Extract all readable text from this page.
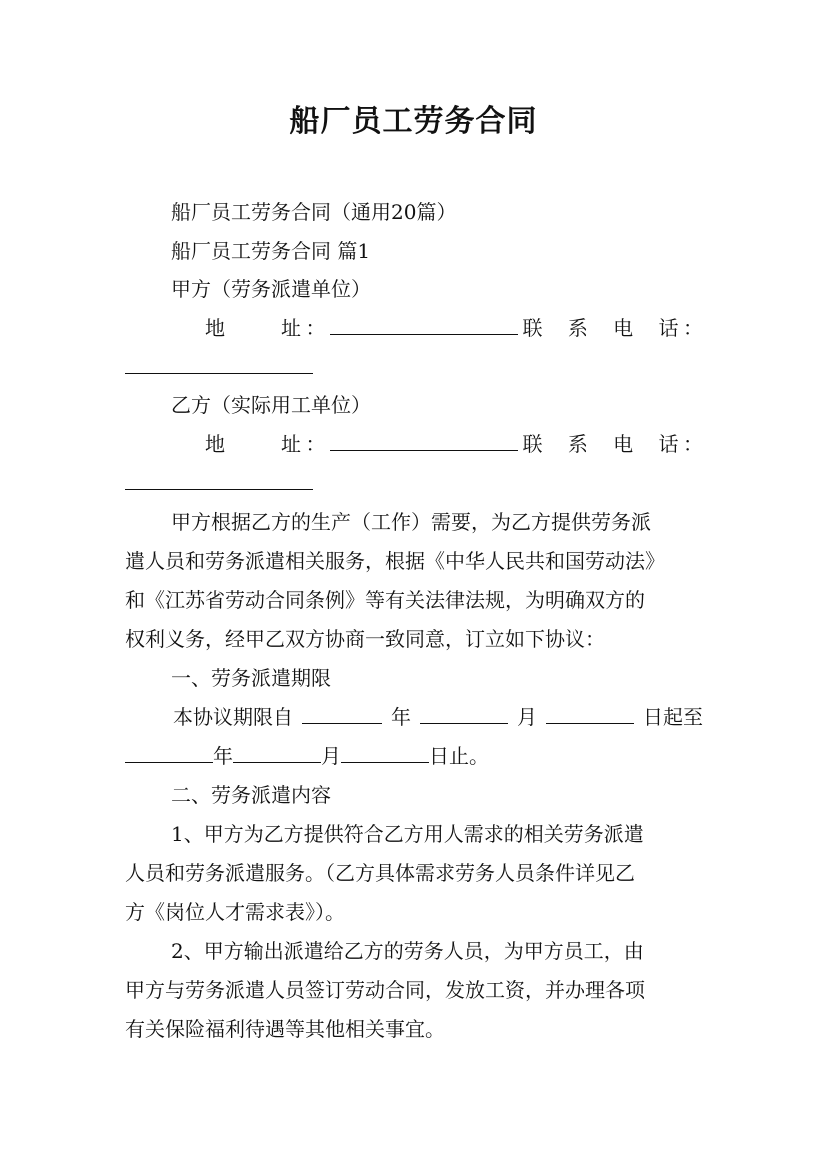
船厂员工劳务合同
船厂员工劳务合同（通用20篇）
船厂员工劳务合同 篇1
甲方（劳务派遣单位）
地	址 ：	联 系 电 话 ：
乙方（实际用工单位）
地	址 ：	联 系 电 话 ：
甲方根据乙方的生产（工作）需要，为乙方提供劳务派
遣人员和劳务派遣相关服务，根据《中华人民共和国劳动法》
和《江苏省劳动合同条例》等有关法律法规，为明确双方的
权利义务，经甲乙双方协商一致同意，订立如下协议：
一、劳务派遣期限
本协议期限自	年	月	日起至
年	月	日止。
二、劳务派遣内容
1、甲方为乙方提供符合乙方用人需求的相关劳务派遣
人员和劳务派遣服务。（乙方具体需求劳务人员条件详见乙
方《岗位人才需求表》）。
2、甲方输出派遣给乙方的劳务人员，为甲方员工，由
甲方与劳务派遣人员签订劳动合同，发放工资，并办理各项
有关保险福利待遇等其他相关事宜。
